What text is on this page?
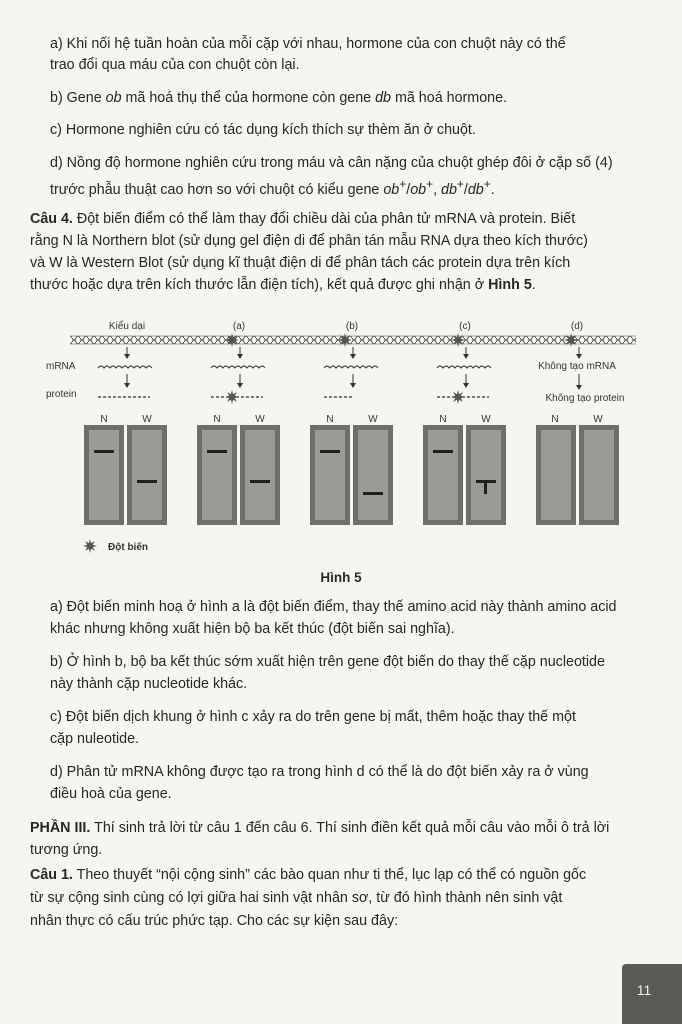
a) Khi nối hệ tuần hoàn của mỗi cặp với nhau, hormone của con chuột này có thể
trao đổi qua máu của con chuột còn lại.
b) Gene ob mã hoá thụ thể của hormone còn gene db mã hoá hormone.
c) Hormone nghiên cứu có tác dụng kích thích sự thèm ăn ở chuột.
d) Nồng độ hormone nghiên cứu trong máu và cân nặng của chuột ghép đôi ở cặp số (4)
trước phẫu thuật cao hơn so với chuột có kiểu gene ob+/ob+, db+/db+.
Câu 4. Đột biến điểm có thể làm thay đổi chiều dài của phân tử mRNA và protein. Biết
rằng N là Northern blot (sử dụng gel điện di để phân tán mẫu RNA dựa theo kích thước)
và W là Western Blot (sử dụng kĩ thuật điện di để phân tách các protein dựa trên kích
thước hoặc dựa trên kích thước lẫn điện tích), kết quả được ghi nhận ở Hình 5.
Kiểu dại	(a)	(b)	(c)	(d)
mRNA
protein
Không tạo mRNA
Không tạo protein
N	W	N	W	N	W	N	W	N	W
Đột biến
Hình 5
a) Đột biến minh hoạ ở hình a là đột biến điểm, thay thế amino acid này thành amino acid
khác nhưng không xuất hiện bộ ba kết thúc (đột biến sai nghĩa).
b) Ở hình b, bộ ba kết thúc sớm xuất hiện trên gene đột biến do thay thế cặp nucleotide
này thành cặp nucleotide khác.
c) Đột biến dịch khung ở hình c xảy ra do trên gene bị mất, thêm hoặc thay thế một
cặp nuleotide.
d) Phân tử mRNA không được tạo ra trong hình d có thể là do đột biến xảy ra ở vùng
điều hoà của gene.
PHẦN III. Thí sinh trả lời từ câu 1 đến câu 6. Thí sinh điền kết quả mỗi câu vào mỗi ô trả lời
tương ứng.
Câu 1. Theo thuyết “nội cộng sinh” các bào quan như ti thể, lục lạp có thể có nguồn gốc
từ sự cộng sinh cùng có lợi giữa hai sinh vật nhân sơ, từ đó hình thành nên sinh vật
nhân thực có cấu trúc phức tạp. Cho các sự kiện sau đây:
11
